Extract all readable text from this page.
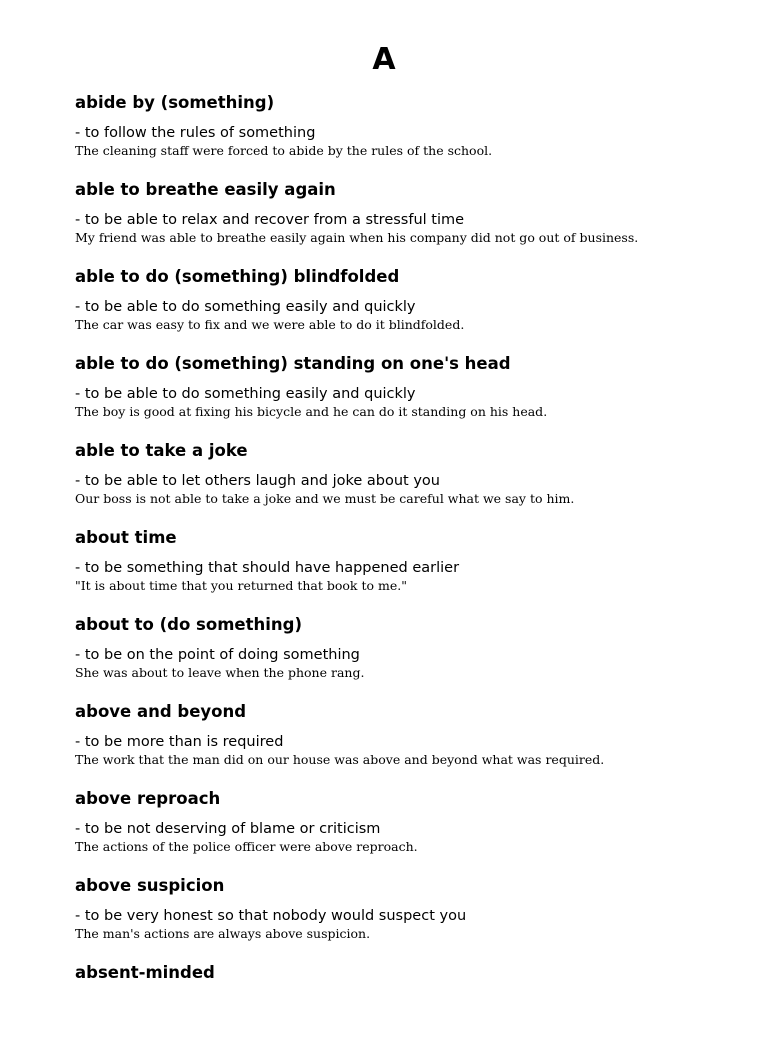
A

abide by (something)

- to follow the rules of something

The cleaning staff were forced to abide by the rules of the school.

able to breathe easily again

- to be able to relax and recover from a stressful time

My friend was able to breathe easily again when his company did not go out of business.

able to do (something) blindfolded

- to be able to do something easily and quickly

The car was easy to fix and we were able to do it blindfolded.

able to do (something) standing on one's head

- to be able to do something easily and quickly

The boy is good at fixing his bicycle and he can do it standing on his head.

able to take a joke

- to be able to let others laugh and joke about you

Our boss is not able to take a joke and we must be careful what we say to him.

about time

- to be something that should have happened earlier

"It is about time that you returned that book to me."

about to (do something)

- to be on the point of doing something

She was about to leave when the phone rang.

above and beyond

- to be more than is required

The work that the man did on our house was above and beyond what was required.

above reproach

- to be not deserving of blame or criticism

The actions of the police officer were above reproach.

above suspicion

- to be very honest so that nobody would suspect you

The man's actions are always above suspicion.

absent-minded
